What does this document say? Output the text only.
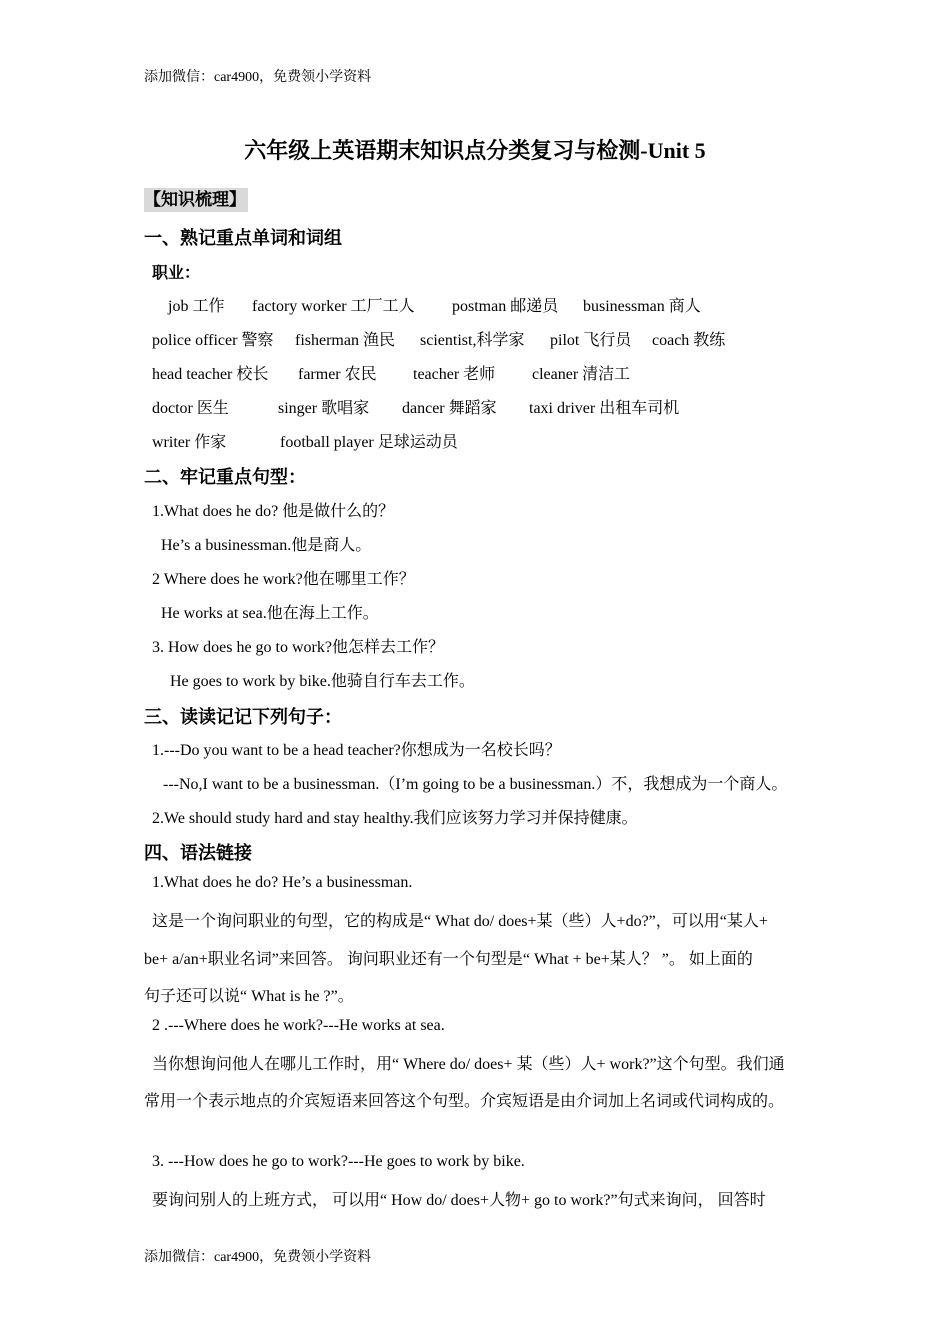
添加微信：car4900，免费领小学资料
六年级上英语期末知识点分类复习与检测-Unit 5
【知识梳理】
一、熟记重点单词和词组
职业：
job 工作 factory worker 工厂工人 postman 邮递员 businessman 商人
police officer 警察 fisherman 渔民 scientist,科学家 pilot 飞行员 coach 教练
head teacher 校长 farmer 农民 teacher 老师 cleaner 清洁工
doctor 医生	singer 歌唱家 dancer 舞蹈家 taxi driver 出租车司机
writer 作家	football player 足球运动员
二、牢记重点句型：
1.What does he do? 他是做什么的？
He’s a businessman.他是商人。
2 Where does he work?他在哪里工作？
He works at sea.他在海上工作。
3. How does he go to work?他怎样去工作？
He goes to work by bike.他骑自行车去工作。
三、读读记记下列句子：
1.---Do you want to be a head teacher?你想成为一名校长吗？
---No,I want to be a businessman.（I’m going to be a businessman.）不，我想成为一个商人。
2.We should study hard and stay healthy.我们应该努力学习并保持健康。
四、语法链接
1.What does he do? He’s a businessman.
这是一个询问职业的句型，它的构成是“ What do/ does+某（些）人+do?”，可以用“某人+
be+ a/an+职业名词”来回答。 询问职业还有一个句型是“ What + be+某人？ ”。 如上面的
句子还可以说“ What is he ?”。
2 .---Where does he work?---He works at sea.
当你想询问他人在哪儿工作时，用“ Where do/ does+ 某（些）人+ work?”这个句型。我们通
常用一个表示地点的介宾短语来回答这个句型。介宾短语是由介词加上名词或代词构成的。
3. ---How does he go to work?---He goes to work by bike.
要询问别人的上班方式， 可以用“ How do/ does+人物+ go to work?”句式来询问， 回答时
添加微信：car4900，免费领小学资料
